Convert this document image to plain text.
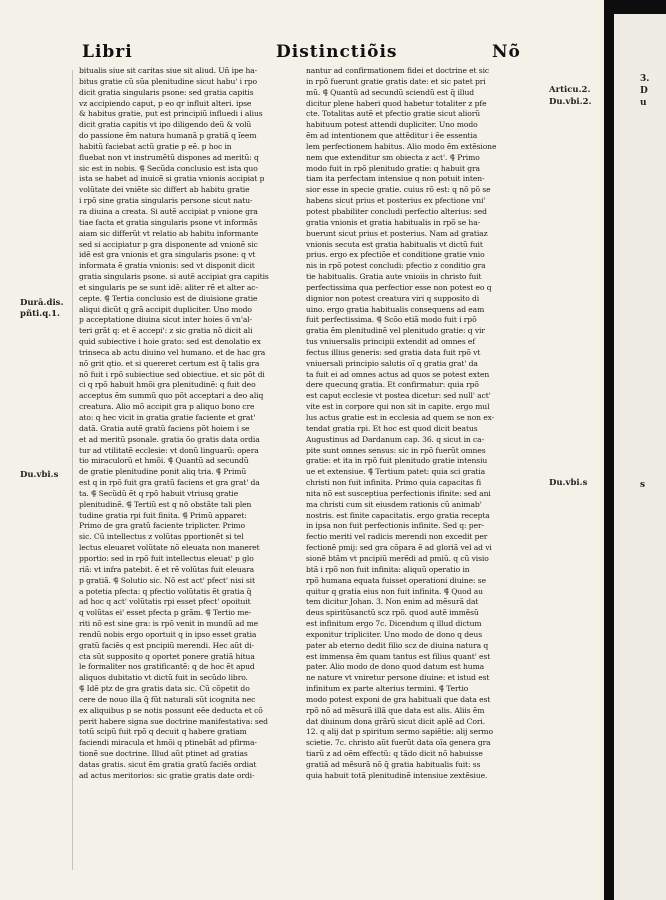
Libri	Distinctiõis	Nõ
bitualis siue sit caritas siue sit aliud. Uñ ipe ha-
bitus gratie cũ sũa plenitudine sicut habu' i rpo
dicit gratia singularis psone: sed gratia capitis
vz accipiendo caput, p eo qr influit alteri. ipse
& habitus gratie, put est principiũ influedi i alius
dicit gratia capitis vt ipo diligendo deũ & volũ
do passione ẽm natura humanã p gratiã q ĩeem
habitũ faciebat actũ gratie p eẽ. p hoc in
fluebat non vt instrumẽtũ dispones ad meritũ: q
sic est in nobis. ⸿ Secũda conclusio est ista quo
ista se habet ad inuicẽ si gratia vnionis accipiat p
volũtate dei vniẽte sic differt ab habitu gratie
i rpõ sine gratia singularis persone sicut natu-
ra diuina a creata. Si autẽ accipiat p vnione gra
tiae facta et gratia singularis psone vt informãs
aiam sic differũt vt relatio ab habitu informante
sed si accipiatur p gra disponente ad vnionẽ sic
idẽ est gra vnionis et gra singularis psone: q vt
informata ẽ gratia vnionis: sed vt disponit dicit
gratia singularis psone. si autẽ accipiat gra capitis
et singularis pe se sunt idẽ: aliter rẽ et alter ac-
cepte. ⸿ Tertia conclusio est de diuisione gratie
aliqui dicũt q grã accipit dupliciter. Uno modo
p acceptatione diuina sicut inter hoies õ vn'al-
teri grãt q: et ẽ accepi': z sic gratia nõ dicit ali
quid subiective i hoie grato: sed est denolatio ex
trinseca ab actu diuino vel humano. et de hac gra
nõ grit qtio. et si quereret certum est q̃ talis gra
nõ fuit i rpõ subiectiue sed obiectiue. et sic põt di
ci q rpõ habuit hmõi gra plenitudinẽ: q fuit deo
acceptus ẽm summũ quo põt acceptari a deo aliq
creatura. Alio mõ accipit gra p aliquo bono cre
ato: q hec vicit in gratia gratie faciente et grat'
datã. Gratia autẽ gratũ faciens põt hoiem i se
et ad meritũ psonale. gratia õo gratis data ordia
tur ad vtilitatẽ ecclesie: vt donũ linguarũ: opera
tio miraculorũ et hmõi. ⸿ Quantũ ad secundũ
de gratie plenitudine ponit aliq tria. ⸿ Primũ
est q in rpõ fuit gra gratũ faciens et gra grat' da
ta. ⸿ Secũdũ ẽt q rpõ habuit vtriusq gratie
plenitudinẽ. ⸿ Tertiũ est q nõ obstãte tali plen
tudine gratia rpi fuit finita. ⸿ Primũ apparet:
Primo de gra gratũ faciente triplicter. Primo
sic. Cũ intellectus z volũtas pportionẽt si tel
lectus eleuaret volũtate nõ eleuata non maneret
pportio: sed in rpõ fuit intellectus eleuat' p glo
riã: vt infra patebit. ẽ et rẽ volũtas fuit eleuara
p gratiã. ⸿ Solutio sic. Nõ est act' pfect' nisi sit
a potetia pfecta: q pfectio volũtatis ẽt gratia q̃
ad hoc q act' volũtatis rpi esset pfect' opoituit
q volũtas ei' esset pfecta p grãm. ⸿ Tertio me-
riti nõ est sine gra: is rpõ venit in mundũ ad me
rendũ nobis ergo oportuit q in ipso esset gratia
gratũ faciẽs q est pncipiũ merendi. Hec aũt di-
cta sũt supposito q oportet ponere gratiã hitua
le formaliter nos gratificantẽ: q de hoc ẽt apud
aliquos dubitatio vt dictũ fuit in secũdo libro.
⸿ Idẽ ptz de gra gratis data sic. Cũ cõpetit do
cere de nouo illa q̃ fũt naturali sũt icognita nec
ex aliquibus p se notis possunt eẽe deducta et cõ
perit habere signa sue doctrine manifestativa: sed
totũ scipũ fuit rpõ q decuit q habere gratiam
faciendi miracula et hmõi q ptinebãt ad pfirma-
tionẽ sue doctrine. Illud aũt ptinet ad gratias
datas gratis. sicut ẽm gratia gratũ faciẽs ordiat
ad actus meritorios: sic gratie gratis date ordi-
nantur ad confirmationem fidei et doctrine et sic
in rpõ fuerunt gratie gratis date: et sic patet pri
mũ. ⸿ Quantũ ad secundũ sciendũ est q̃ illud
dicitur plene haberi quod habetur totaliter z pfe
cte. Totalitas autẽ et pfectio gratie sicut aliorũ
habituum potest attendi dupliciter. Uno modo
ẽm ad intentionem que attẽditur i ẽe essentia
lem perfectionem habitus. Alio modo ẽm extẽsione
nem que extenditur sm obiecta z act'. ⸿ Primo
modo fuit in rpõ plenitudo gratie: q habuit gra
tiam ita perfectam intensiue q non potuit inten-
sior esse in specie gratie. cuius rõ est: q nõ põ se
habens sicut prius et posterius ex pfectione vni'
potest pbabiliter concludi perfectio alterius: sed
gratia vnionis et gratia habitualis in rpõ se ha-
buerunt sicut prius et posterius. Nam ad gratiaz
vnionis secuta est gratia habitualis vt dictũ fuit
prius. ergo ex pfectiõe et conditione gratie vnio
nis in rpõ potest concludi: pfectio z conditio gra
tie habitualis. Gratia aute vnioiis in christo fuit
perfectissima qua perfectior esse non potest eo q
dignior non potest creatura viri q supposito di
uino. ergo gratia habitualis consequens ad eam
fuit perfectissima. ⸿ Scõo etiã modo fuit i rpõ
gratia ẽm plenitudinẽ vel plenitudo gratie: q vir
tus vniuersalis principii extendit ad omnes ef
fectus illius generis: sed gratia data fuit rpõ vt
vniuersali principio salutis oĩ q gratia grat' da
ta fuit ei ad omnes actus ad quos se potest exten
dere quecunq gratia. Et confirmatur: quia rpõ
est caput ecclesie vt postea dicetur: sed null' act'
vite est in corpore qui non sit in capite. ergo mul
lus actus gratie est in ecclesia ad quem se non ex-
tendat gratia rpi. Et hoc est quod dicit beatus
Augustinus ad Dardanum cap. 36. q sicut in ca-
pite sunt omnes sensus: sic in rpõ fuerũt omnes
gratie: et ita in rpõ fuit plenitudo gratie intensiu
ue et extensiue. ⸿ Tertium patet: quia sci gratia
christi non fuit infinita. Primo quia capacitas fi
nita nõ est susceptiua perfectionis ifinite: sed ani
ma christi cum sit eiusdem rationis cũ animab'
nostris. est finite capacitatis. ergo gratia recepta
in ipsa non fuit perfectionis infinite. Sed q: per-
fectio meriti vel radicis merendi non excedit per
fectionẽ pmij: sed gra cõpara ẽ ad gloriã vel ad vi
sionẽ btãm vt pncipiũ merẽdi ad pmiũ. q cũ visio
btã i rpõ non fuit infinita: aliquũ operatio in
rpõ humana equata fuisset operationi diuine: se
quitur q gratia eius non fuit infinita. ⸿ Quod au
tem dicitur Johan. 3. Non enim ad mẽsurã dat
deus spiritũsanctũ scz rpõ. quod autẽ immẽsũ
est infinitum ergo 7c. Dicendum q illud dictum
exponitur tripliciter. Uno modo de dono q deus
pater ab eterno dedit filio scz de diuina natura q
est immensa ẽm quam tantus est filius quant' est
pater. Alio modo de dono quod datum est huma
ne nature vt vniretur persone diuine: et istud est
infinitum ex parte alterius termini. ⸿ Tertio
modo potest exponi de gra habituali que data est
rpõ nõ ad mẽsurã illã que data est alis. Aliis ẽm
dat diuinum dona grãrũ sicut dicit aplẽ ad Cori.
12. q alij dat p spiritum sermo sapiẽtie: alij sermo
scietie. 7c. christo aũt fuerũt data oĩa genera gra
tiarũ z ad oẽm effectũ: q tãdo dicit nõ habuisse
gratiã ad mẽsurã nõ q̃ gratia habitualis fuit: ss
quia habuit totã plenitudinẽ intensiue zextẽsiue.
Durā.dis.
pñti.q.1.
Du.vbi.s
Articu.2.
Du.vbi.2.
Du.vbi.s
3.
D
u
s
